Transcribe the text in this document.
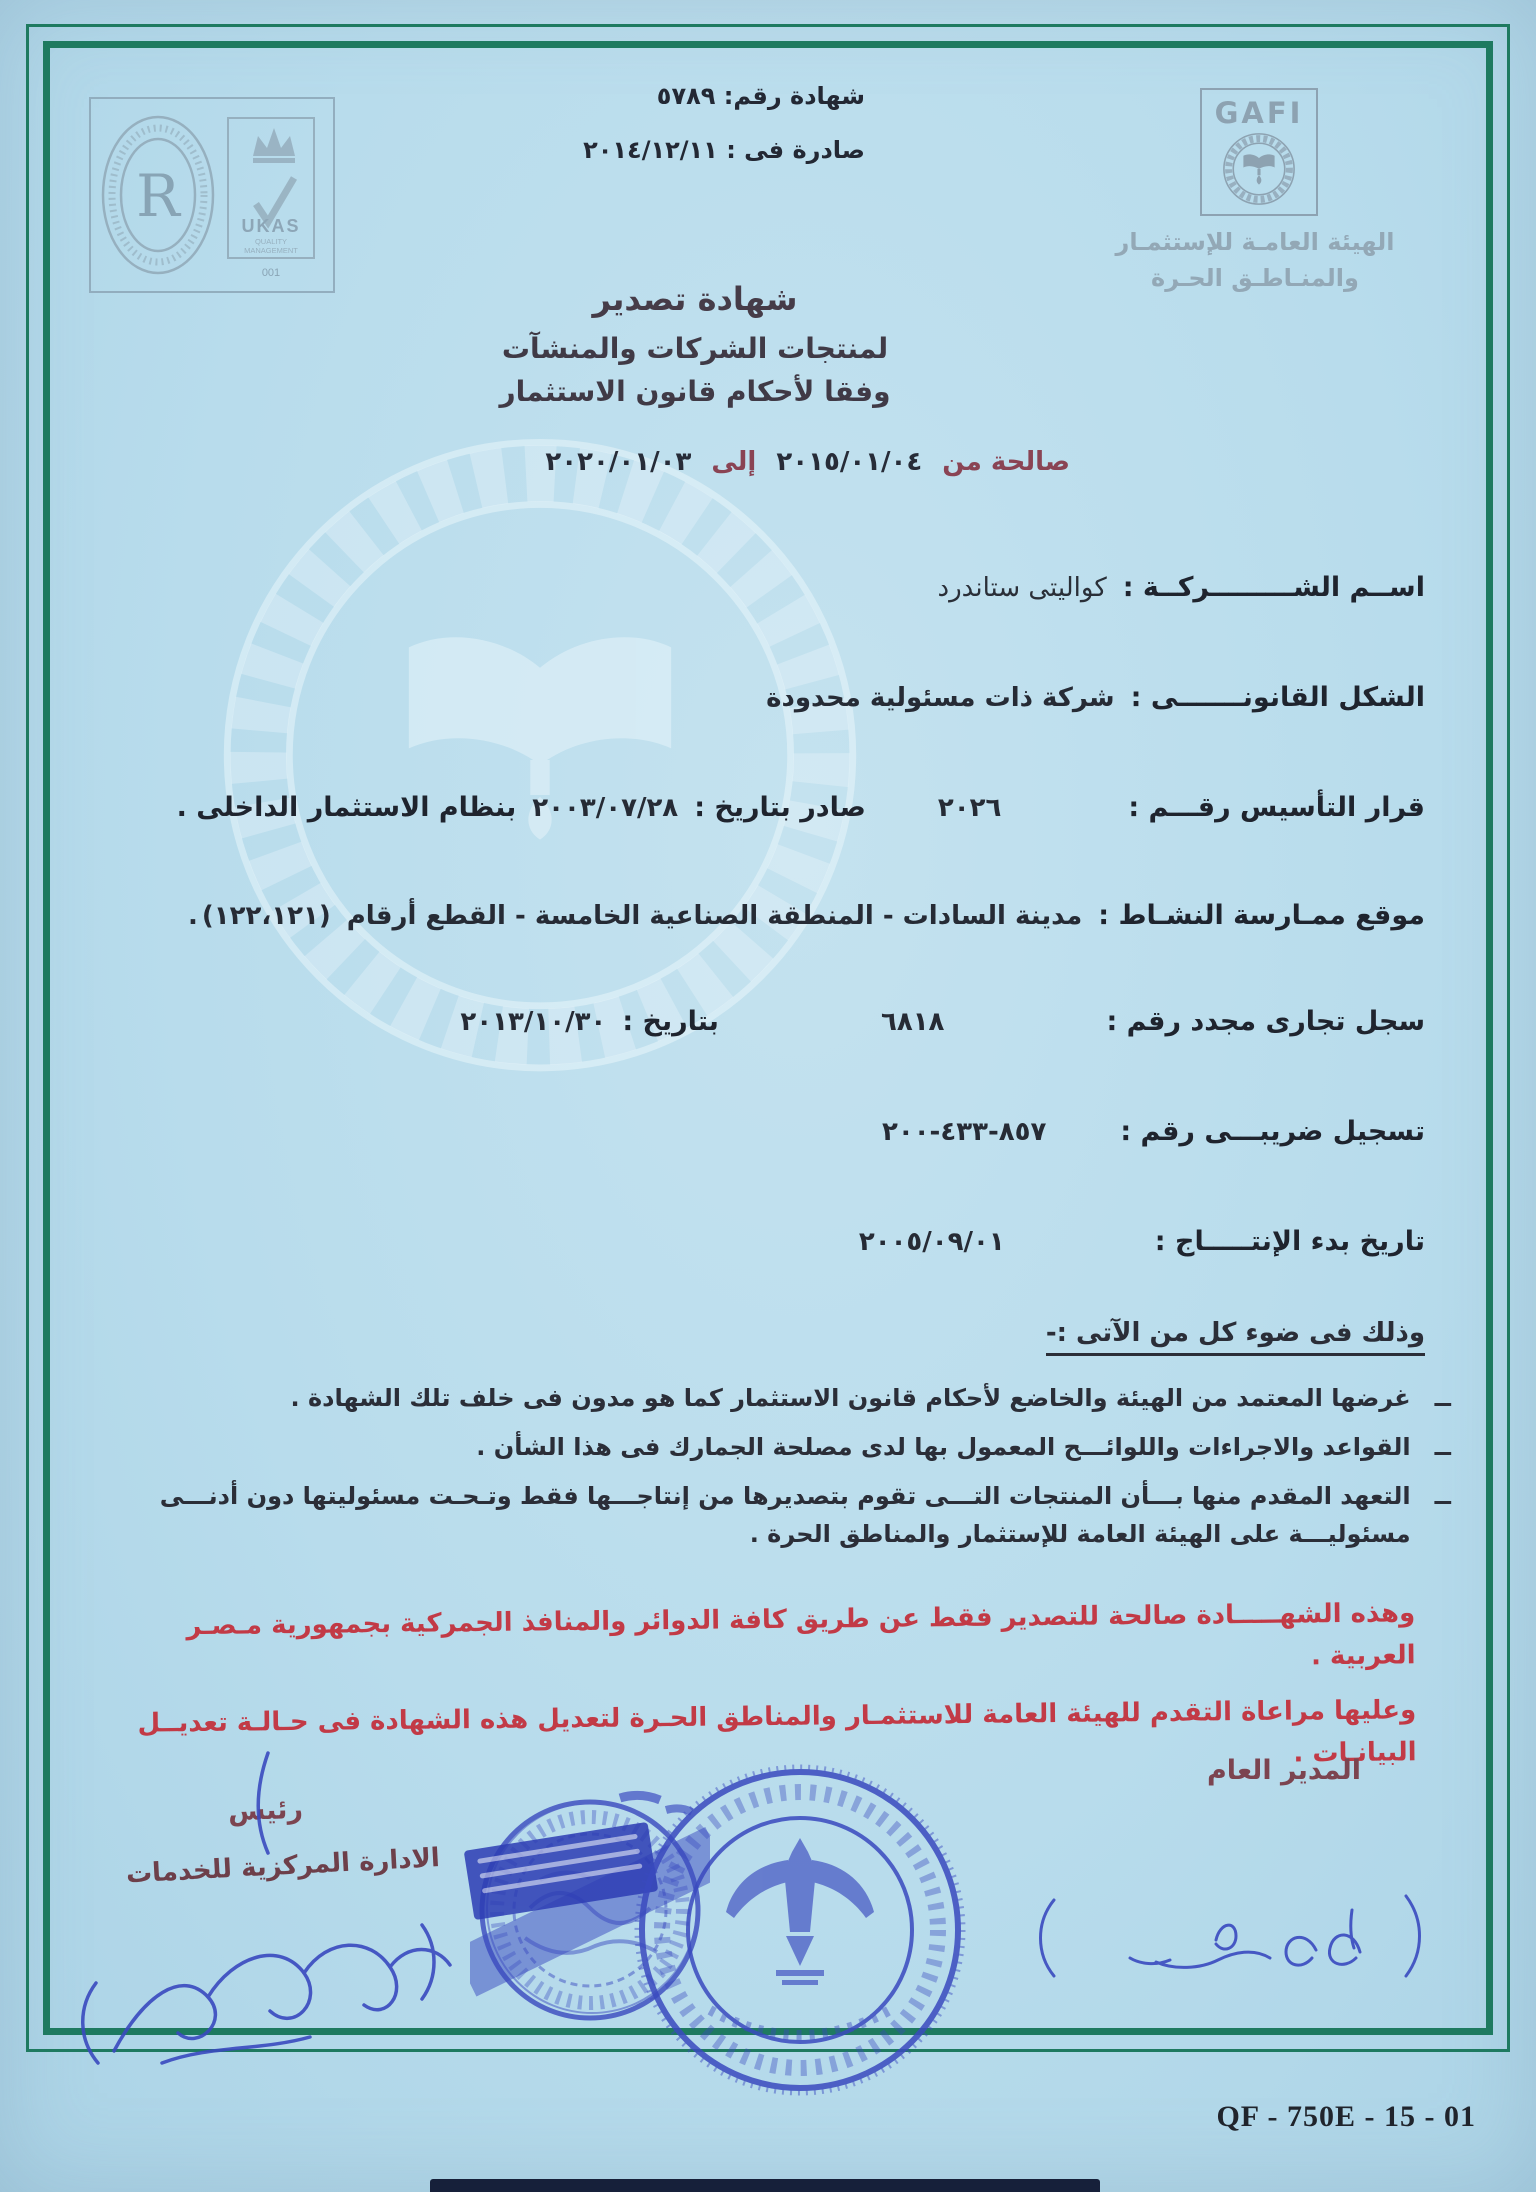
R	UKAS
QUALITY
MANAGEMENT
001
شهادة رقم: ٥٧٨٩
صادرة فى : ٢٠١٤/١٢/١١
GAFI
الهيئة العامـة للإستثمـار
والمنـاطـق الحـرة
شهادة تصدير
لمنتجات الشركات والمنشآت
وفقا لأحكام قانون الاستثمار
صالحة من
٢٠١٥/٠١/٠٤
إلى
٢٠٢٠/٠١/٠٣
اســم الشـــــــــركــة :
كواليتى ستاندرد
الشكل القانونـــــــى :
شركة ذات مسئولية محدودة
قرار التأسيس رقـــم :
٢٠٢٦
صادر بتاريخ :
٢٠٠٣/٠٧/٢٨
بنظام الاستثمار الداخلى .
موقع ممـارسة النشـاط :
مدينة السادات - المنطقة الصناعية الخامسة - القطع أرقام
(١٢٢،١٢١)
.
سجل تجارى مجدد رقم :
٦٨١٨
بتاريخ :
٢٠١٣/١٠/٣٠
تسجيل ضريبـــى رقم :
٢٠٠-٤٣٣-٨٥٧
تاريخ بدء الإنتـــــاج :
٢٠٠٥/٠٩/٠١
وذلك فى ضوء كل من الآتى :-
ــ
غرضها المعتمد من الهيئة والخاضع لأحكام قانون الاستثمار كما هو مدون فى خلف تلك الشهادة .
ــ
القواعد والاجراءات واللوائـــح المعمول بها لدى مصلحة الجمارك فى هذا الشأن .
ــ
التعهد المقدم منها بـــأن المنتجات التـــى تقوم بتصديرها من إنتاجـــها فقط وتـحـت مسئوليتها دون أدنـــى مسئوليـــة على الهيئة العامة للإستثمار والمناطق الحرة .

وهذه الشهـــــادة صالحة للتصدير فقط عن طريق كافة الدوائر والمنافذ الجمركية بجمهورية مـصـر العربية .

وعليها مراعاة التقدم للهيئة العامة للاستثمـار والمناطق الحـرة لتعديل هذه الشهادة فى حـالـة تعديــل البيانـات .

المدير العام
رئيس
الادارة المركزية للخدمات
QF - 750E - 15 - 01
